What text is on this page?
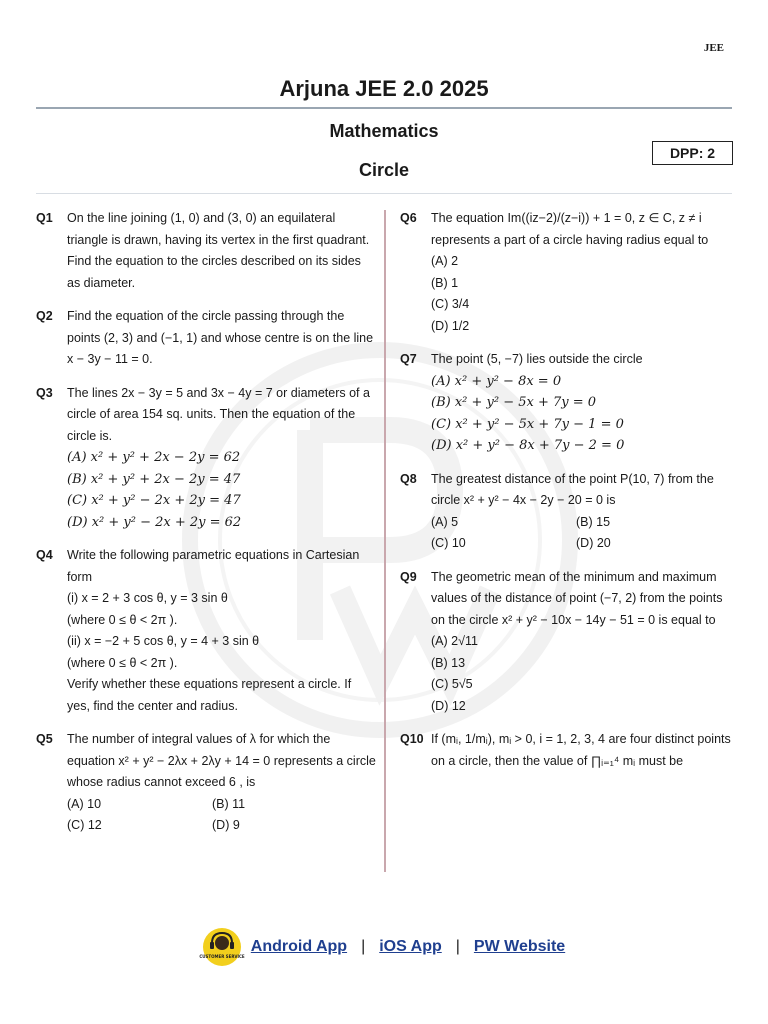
JEE
Arjuna JEE 2.0 2025
Mathematics
DPP: 2
Circle
Q1	On the line joining (1, 0) and (3, 0) an equilateral triangle is drawn, having its vertex in the first quadrant. Find the equation to the circles described on its sides as diameter.
Q2	Find the equation of the circle passing through the points (2, 3) and (−1, 1) and whose centre is on the line x − 3y − 11 = 0.
Q3	The lines 2x − 3y = 5 and 3x − 4y = 7 or diameters of a circle of area 154 sq. units. Then the equation of the circle is.
(A) x² + y² + 2x − 2y = 62
(B) x² + y² + 2x − 2y = 47
(C) x² + y² − 2x + 2y = 47
(D) x² + y² − 2x + 2y = 62
Q4	Write the following parametric equations in Cartesian form
(i) x = 2 + 3 cos θ, y = 3 sin θ
(where 0 ≤ θ < 2π ).
(ii) x = −2 + 5 cos θ, y = 4 + 3 sin θ
(where 0 ≤ θ < 2π ).
Verify whether these equations represent a circle. If yes, find the center and radius.
Q5	The number of integral values of λ for which the equation x² + y² − 2λx + 2λy + 14 = 0 represents a circle whose radius cannot exceed 6 , is
(A) 10	(B) 11
(C) 12	(D) 9
Q6	The equation Im((iz−2)/(z−i)) + 1 = 0, z ∈ C, z ≠ i represents a part of a circle having radius equal to
(A) 2
(B) 1
(C) 3/4
(D) 1/2
Q7	The point (5, −7) lies outside the circle
(A) x² + y² − 8x = 0
(B) x² + y² − 5x + 7y = 0
(C) x² + y² − 5x + 7y − 1 = 0
(D) x² + y² − 8x + 7y − 2 = 0
Q8	The greatest distance of the point P(10, 7) from the circle x² + y² − 4x − 2y − 20 = 0 is
(A) 5	(B) 15
(C) 10	(D) 20
Q9	The geometric mean of the minimum and maximum values of the distance of point (−7, 2) from the points on the circle x² + y² − 10x − 14y − 51 = 0 is equal to
(A) 2√11
(B) 13
(C) 5√5
(D) 12
Q10 If (mᵢ, 1/mᵢ), mᵢ > 0, i = 1, 2, 3, 4 are four distinct points on a circle, then the value of ∏ᵢ₌₁⁴ mᵢ must be
CUSTOMER SERVICE
Android App | iOS App | PW Website
